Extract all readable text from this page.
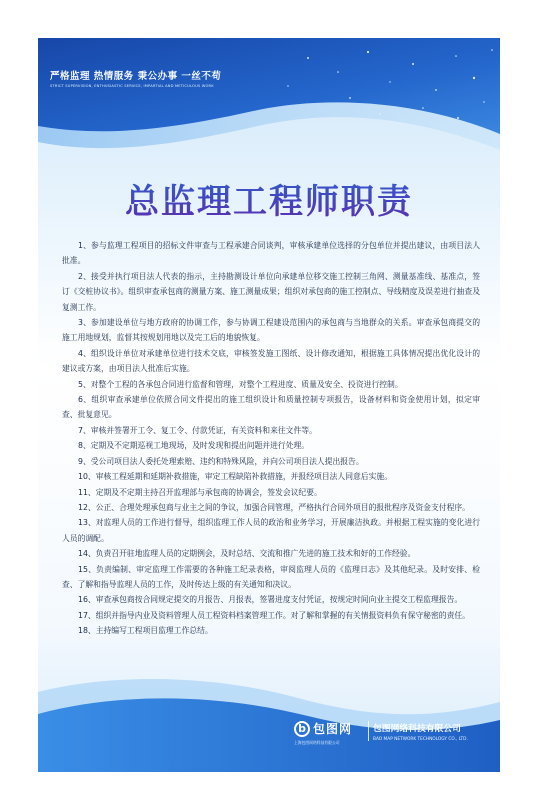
严格监理 热情服务 秉公办事 一丝不苟
STRICT SUPERVISION, ENTHUSIASTIC SERVICE, IMPARTIAL AND METICULOUS WORK
总监理工程师职责

1、参与监理工程项目的招标文件审查与工程承建合同谈判，审核承建单位选择的分包单位并提出建议，由项目法人批准。

2、接受并执行项目法人代表的指示，主持勘测设计单位向承建单位移交施工控制三角网、测量基准线、基准点，签订《交桩协议书》。组织审查承包商的测量方案、施工测量成果；组织对承包商的施工控制点、导线精度及误差进行抽查及复测工作。

3、参加建设单位与地方政府的协调工作，参与协调工程建设范围内的承包商与当地群众的关系。审查承包商提交的施工用地规划，监督其按规划用地以及完工后的地貌恢复。

4、组织设计单位对承建单位进行技术交底，审核签发施工图纸、设计修改通知，根据施工具体情况提出优化设计的建议或方案，由项目法人批准后实施。

5、对整个工程的各承包合同进行监督和管理，对整个工程进度、质量及安全、投资进行控制。

6、组织审查承建单位依照合同文件提出的施工组织设计和质量控制专项报告，设备材料和资金使用计划，拟定审查、批复意见。

7、审核并签署开工令、复工令、付款凭证，有关资料和来往文件等。

8、定期及不定期巡视工地现场，及时发现和提出问题并进行处理。

9、受公司项目法人委托处理索赔、违约和特殊风险，并向公司项目法人提出报告。

10、审核工程延期和延期补救措施，审定工程缺陷补救措施，并报经项目法人同意后实施。

11、定期及不定期主持召开监理部与承包商的协调会，签发会议纪要。

12、公正、合理处理承包商与业主之间的争议，加强合同管理，严格执行合同外项目的报批程序及资金支付程序。

13、对监理人员的工作进行督导，组织监理工作人员的政治和业务学习，开展廉洁执政。并根据工程实施的变化进行人员的调配。

14、负责召开驻地监理人员的定期例会，及时总结、交流和推广先进的施工技术和好的工作经验。

15、负责编制、审定监理工作需要的各种施工纪录表格，审阅监理人员的《监理日志》及其他纪录。及时安排、检查、了解和指导监理人员的工作，及时传达上级的有关通知和决议。

16、审查承包商按合同规定提交的月报告、月报表，签署进度支付凭证，按规定时间向业主提交工程监理报告。

17、组织并指导内业及资料管理人员工程资料档案管理工作。对了解和掌握的有关情报资料负有保守秘密的责任。

18、主持编写工程项目监理工作总结。

b 包图网
上海包图网络科技有限公司
包图网络科技有限公司
BAO MAP NETWORK TECHNOLOGY CO., LTD.
